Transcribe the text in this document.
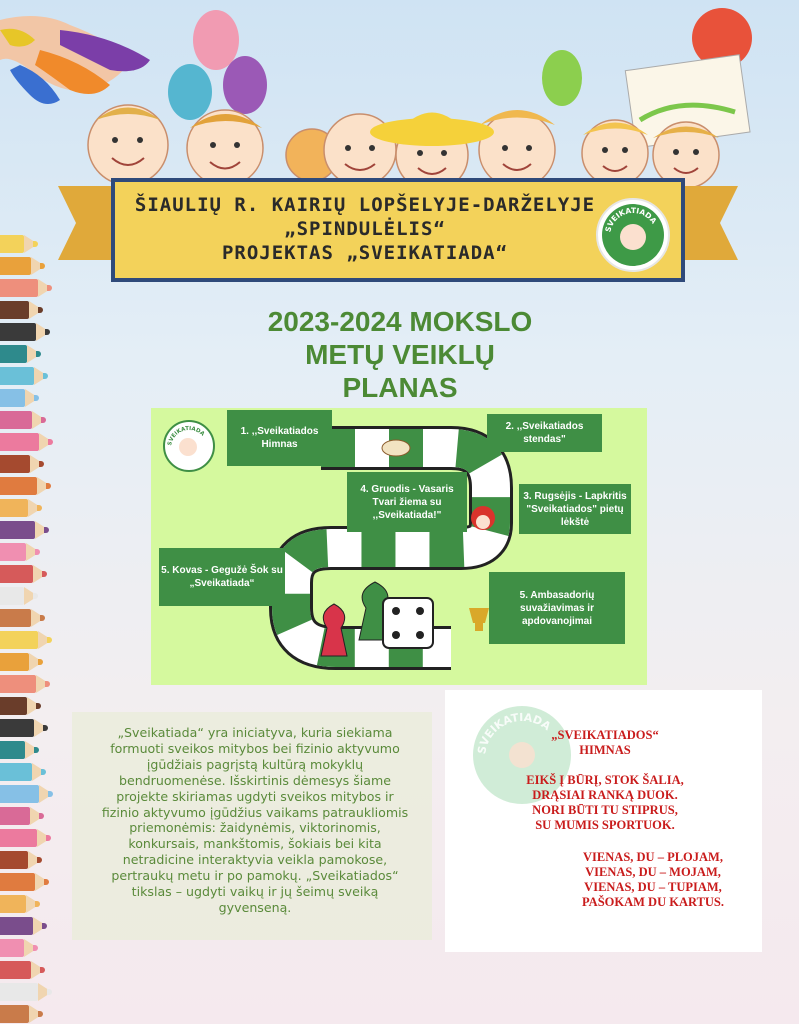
ŠIAULIŲ R. KAIRIŲ LOPŠELYJE-DARŽELYJE
„SPINDULĖLIS“
PROJEKTAS „SVEIKATIADA“
SVEIKATIADA
2023-2024 MOKSLO
METŲ VEIKLŲ
PLANAS
SVEIKATIADA	1. ,,Sveikatiados Himnas
2. ,,Sveikatiados stendas"
3. Rugsėjis - Lapkritis "Sveikatiados" pietų lėkštė
4. Gruodis - Vasaris Tvari žiema su ,,Sveikatiada!"
5. Kovas - Gegužė Šok su „Sveikatiada“
5. Ambasadorių suvažiavimas ir apdovanojimai
„Sveikatiada“ yra iniciatyva, kuria siekiama formuoti sveikos mitybos bei fizinio aktyvumo įgūdžiais pagrįstą kultūrą mokyklų bendruomenėse. Išskirtinis dėmesys šiame projekte skiriamas ugdyti sveikos mitybos ir fizinio aktyvumo įgūdžius vaikams patraukliomis priemonėmis: žaidynėmis, viktorinomis, konkursais, mankštomis, šokiais bei kita netradicine interaktyvia veikla pamokose, pertraukų metu ir po pamokų. „Sveikatiados“ tikslas – ugdyti vaikų ir jų šeimų sveiką gyvenseną.
SVEIKATIADA
„SVEIKATIADOS“
HIMNAS
EIKŠ Į BŪRĮ, STOK ŠALIA,
DRĄSIAI RANKĄ DUOK.
NORI BŪTI TU STIPRUS,
SU MUMIS SPORTUOK.
VIENAS, DU – PLOJAM,
VIENAS, DU – MOJAM,
VIENAS, DU – TUPIAM,
PAŠOKAM DU KARTUS.
